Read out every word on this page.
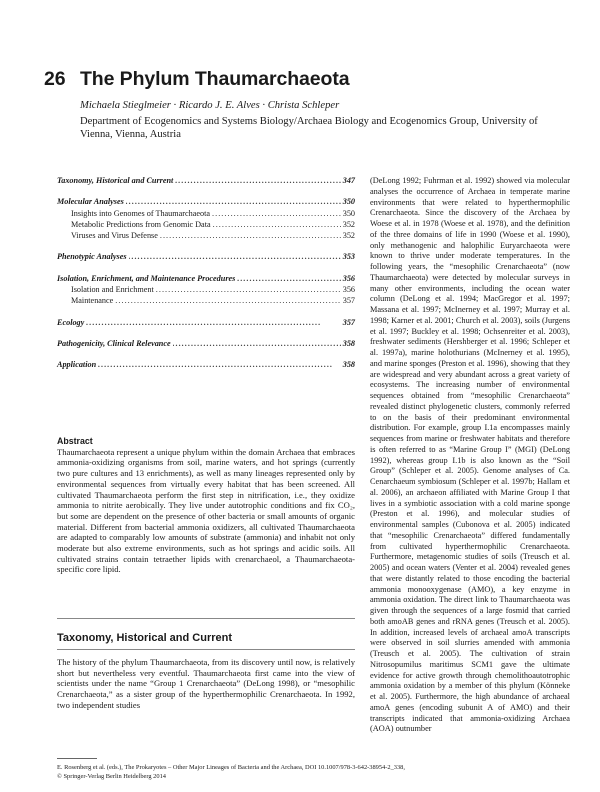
26 The Phylum Thaumarchaeota
Michaela Stieglmeier · Ricardo J. E. Alves · Christa Schleper
Department of Ecogenomics and Systems Biology/Archaea Biology and Ecogenomics Group, University of Vienna, Vienna, Austria
Taxonomy, Historical and Current . . .	347
Molecular Analyses . . .	350
Insights into Genomes of Thaumarchaeota . . .	350
Metabolic Predictions from Genomic Data . . .	352
Viruses and Virus Defense . . .	352
Phenotypic Analyses . . .	353
Isolation, Enrichment, and Maintenance Procedures . . .	356
Isolation and Enrichment . . .	356
Maintenance . . .	357
Ecology . . .	357
Pathogenicity, Clinical Relevance . . .	358
Application . . .	358
Abstract

Thaumarchaeota represent a unique phylum within the domain Archaea that embraces ammonia-oxidizing organisms from soil, marine waters, and hot springs (currently two pure cultures and 13 enrichments), as well as many lineages represented only by environmental sequences from virtually every habitat that has been screened. All cultivated Thaumarchaeota perform the first step in nitrification, i.e., they oxidize ammonia to nitrite aerobically. They live under autotrophic conditions and fix CO₂, but some are dependent on the presence of other bacteria or small amounts of organic material. Different from bacterial ammonia oxidizers, all cultivated Thaumarchaeota are adapted to comparably low amounts of substrate (ammonia) and inhabit not only moderate but also extreme environments, such as hot springs and acidic soils. All cultivated strains contain tetraether lipids with crenarchaeol, a Thaumarchaeota-specific core lipid.

Taxonomy, Historical and Current
The history of the phylum Thaumarchaeota, from its discovery until now, is relatively short but nevertheless very eventful. Thaumarchaeota first came into the view of scientists under the name “Group 1 Crenarchaeota” (DeLong 1998), or “mesophilic Crenarchaeota,” as a sister group of the hyperthermophilic Crenarchaeota. In 1992, two independent studies
(DeLong 1992; Fuhrman et al. 1992) showed via molecular analyses the occurrence of Archaea in temperate marine environments that were related to hyperthermophilic Crenarchaeota. Since the discovery of the Archaea by Woese et al. in 1978 (Woese et al. 1978), and the definition of the three domains of life in 1990 (Woese et al. 1990), only methanogenic and halophilic Euryarchaeota were known to thrive under moderate temperatures. In the following years, the “mesophilic Crenarchaeota” (now Thaumarchaeota) were detected by molecular surveys in many other environments, including the ocean water column (DeLong et al. 1994; MacGregor et al. 1997; Massana et al. 1997; McInerney et al. 1997; Murray et al. 1998; Karner et al. 2001; Church et al. 2003), soils (Jurgens et al. 1997; Buckley et al. 1998; Ochsenreiter et al. 2003), freshwater sediments (Hershberger et al. 1996; Schleper et al. 1997a), marine holothurians (McInerney et al. 1995), and marine sponges (Preston et al. 1996), showing that they are widespread and very abundant across a great variety of ecosystems. The increasing number of environmental sequences obtained from “mesophilic Crenarchaeota” revealed distinct phylogenetic clusters, commonly referred to on the basis of their predominant environmental distribution. For example, group I.1a encompasses mainly sequences from marine or freshwater habitats and therefore is often referred to as “Marine Group I” (MGI) (DeLong 1992), whereas group I.1b is also known as the “Soil Group” (Schleper et al. 2005). Genome analyses of Ca. Cenarchaeum symbiosum (Schleper et al. 1997b; Hallam et al. 2006), an archaeon affiliated with Marine Group I that lives in a symbiotic association with a cold marine sponge (Preston et al. 1996), and molecular studies of environmental samples (Cubonova et al. 2005) indicated that “mesophilic Crenarchaeota” differed fundamentally from cultivated hyperthermophilic Crenarchaeota. Furthermore, metagenomic studies of soils (Treusch et al. 2005) and ocean waters (Venter et al. 2004) revealed genes that were distantly related to those encoding the bacterial ammonia monooxygenase (AMO), a key enzyme in ammonia oxidation. The direct link to Thaumarchaeota was given through the sequences of a large fosmid that carried both amoAB genes and rRNA genes (Treusch et al. 2005). In addition, increased levels of archaeal amoA transcripts were observed in soil slurries amended with ammonia (Treusch et al. 2005). The cultivation of strain Nitrosopumilus maritimus SCM1 gave the ultimate evidence for active growth through chemolithoautotrophic ammonia oxidation by a member of this phylum (Könneke et al. 2005). Furthermore, the high abundance of archaeal amoA genes (encoding subunit A of AMO) and their transcripts indicated that ammonia-oxidizing Archaea (AOA) outnumber
E. Rosenberg et al. (eds.), The Prokaryotes – Other Major Lineages of Bacteria and the Archaea, DOI 10.1007/978-3-642-38954-2_338,
© Springer-Verlag Berlin Heidelberg 2014
